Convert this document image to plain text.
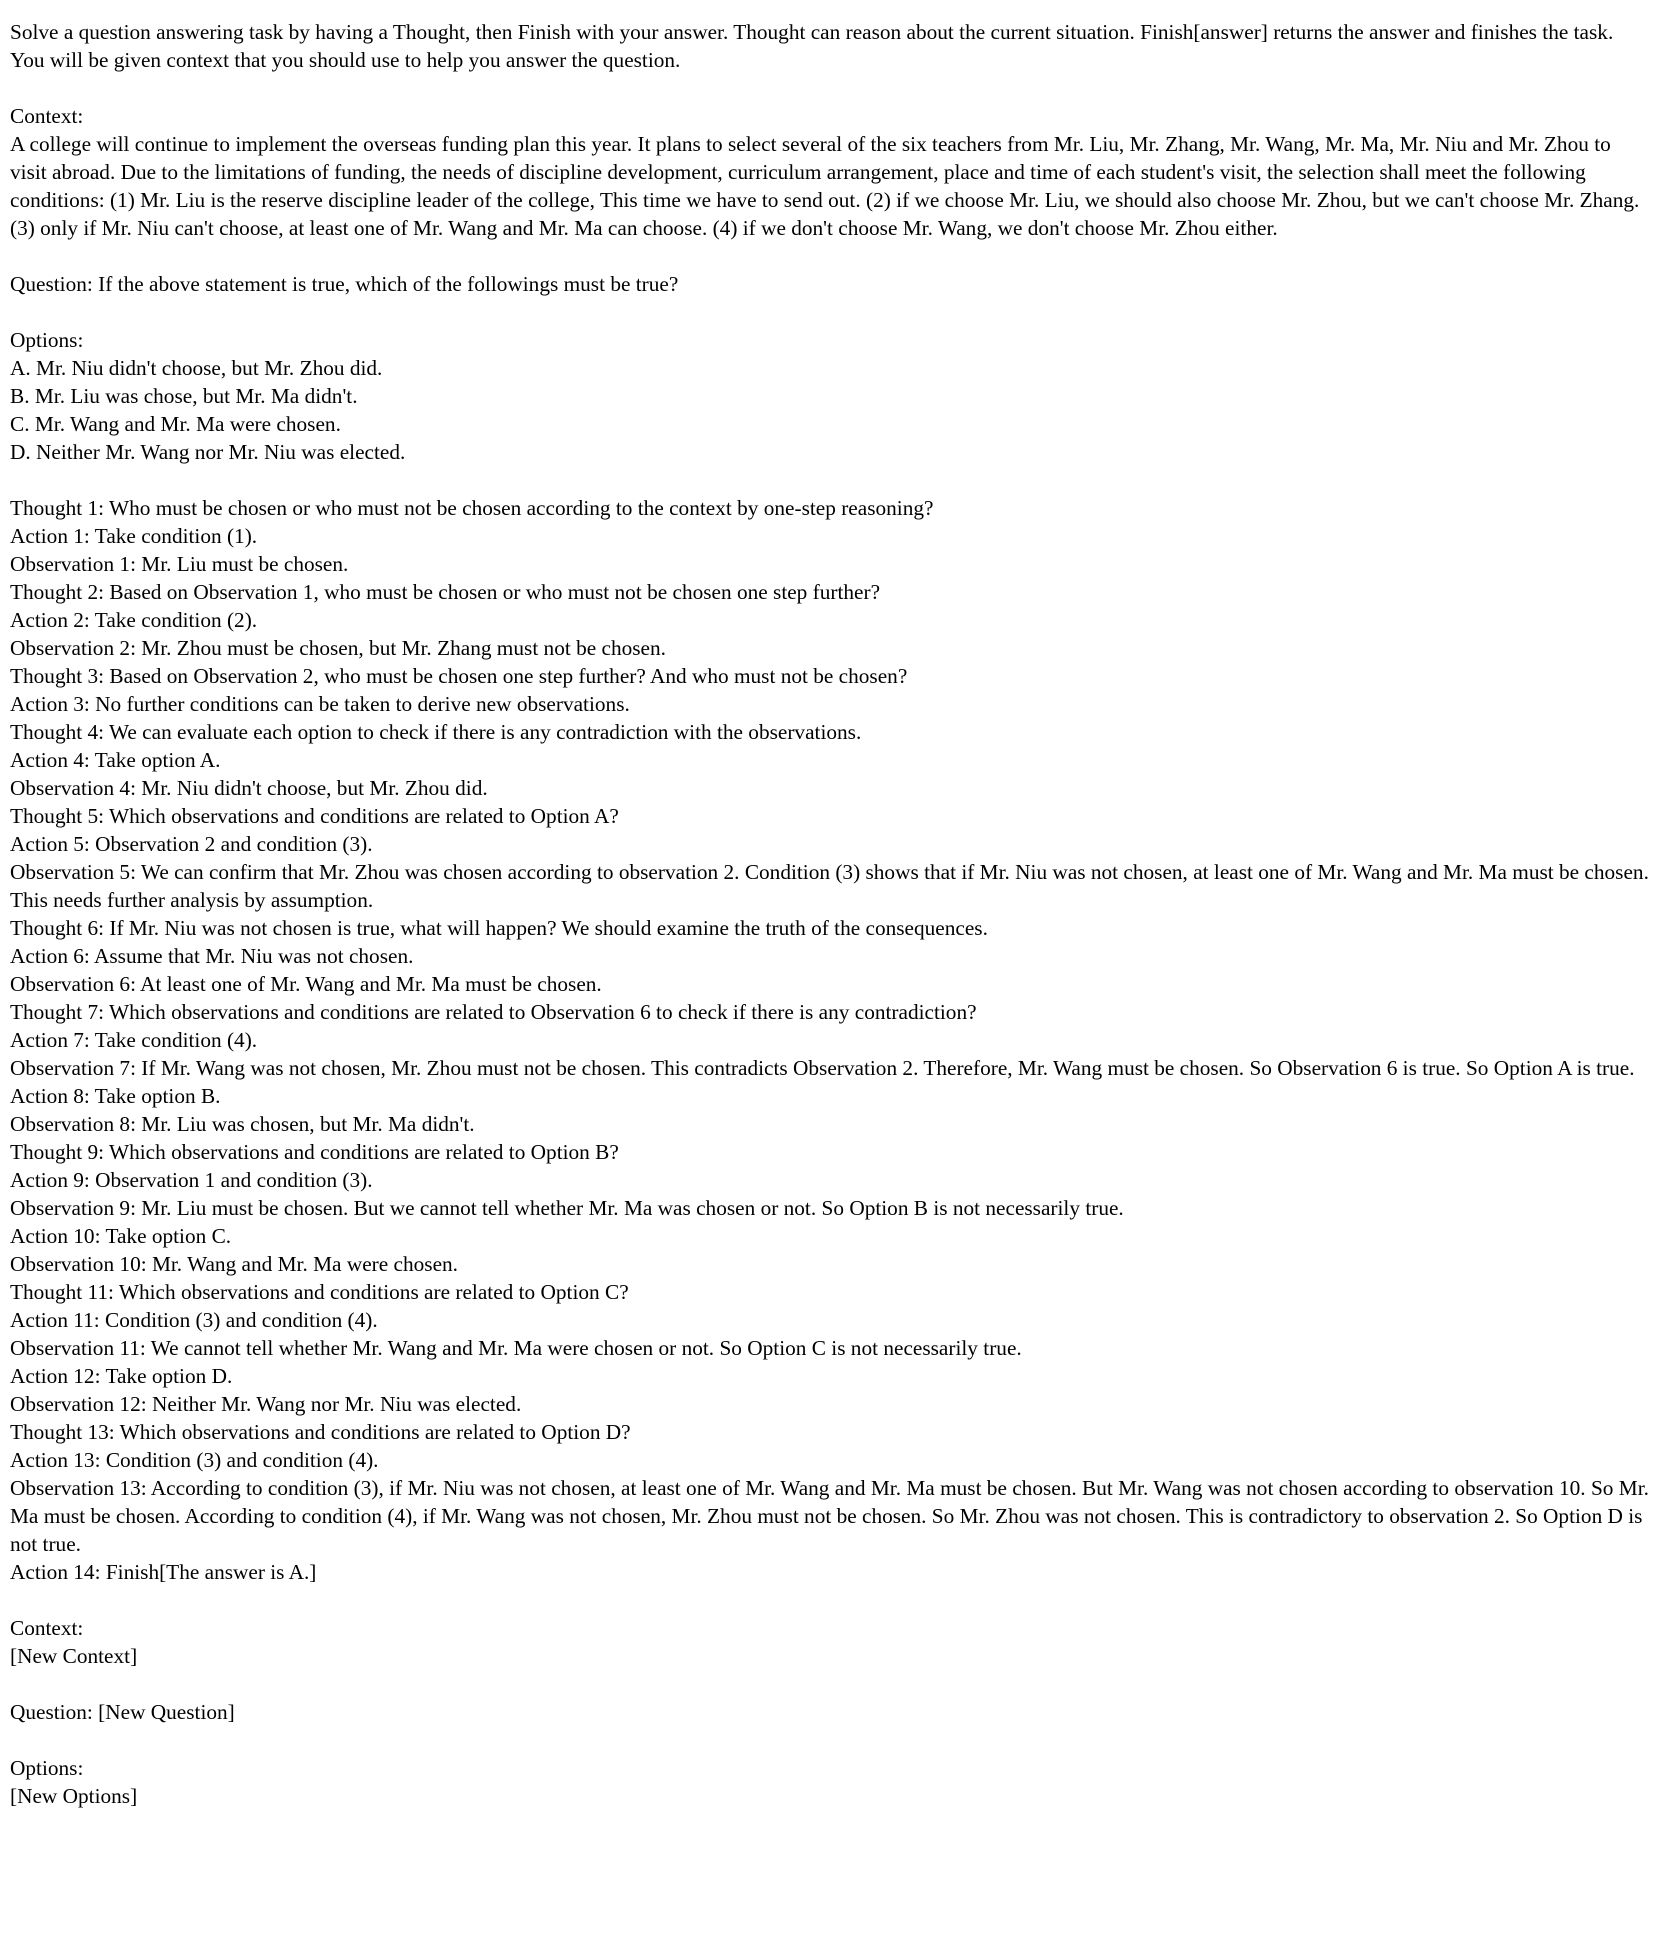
Solve a question answering task by having a Thought, then Finish with your answer. Thought can reason about the current situation. Finish[answer] returns the answer and finishes the task. You will be given context that you should use to help you answer the question.

Context:

A college will continue to implement the overseas funding plan this year. It plans to select several of the six teachers from Mr. Liu, Mr. Zhang, Mr. Wang, Mr. Ma, Mr. Niu and Mr. Zhou to visit abroad. Due to the limitations of funding, the needs of discipline development, curriculum arrangement, place and time of each student's visit, the selection shall meet the following conditions: (1) Mr. Liu is the reserve discipline leader of the college, This time we have to send out. (2) if we choose Mr. Liu, we should also choose Mr. Zhou, but we can't choose Mr. Zhang. (3) only if Mr. Niu can't choose, at least one of Mr. Wang and Mr. Ma can choose. (4) if we don't choose Mr. Wang, we don't choose Mr. Zhou either.

Question: If the above statement is true, which of the followings must be true?

Options:

A. Mr. Niu didn't choose, but Mr. Zhou did.

B. Mr. Liu was chose, but Mr. Ma didn't.

C. Mr. Wang and Mr. Ma were chosen.

D. Neither Mr. Wang nor Mr. Niu was elected.

Thought 1: Who must be chosen or who must not be chosen according to the context by one-step reasoning?

Action 1: Take condition (1).

Observation 1: Mr. Liu must be chosen.

Thought 2: Based on Observation 1, who must be chosen or who must not be chosen one step further?

Action 2: Take condition (2).

Observation 2: Mr. Zhou must be chosen, but Mr. Zhang must not be chosen.

Thought 3: Based on Observation 2, who must be chosen one step further? And who must not be chosen?

Action 3: No further conditions can be taken to derive new observations.

Thought 4: We can evaluate each option to check if there is any contradiction with the observations.

Action 4: Take option A.

Observation 4: Mr. Niu didn't choose, but Mr. Zhou did.

Thought 5: Which observations and conditions are related to Option A?

Action 5: Observation 2 and condition (3).

Observation 5: We can confirm that Mr. Zhou was chosen according to observation 2. Condition (3) shows that if Mr. Niu was not chosen, at least one of Mr. Wang and Mr. Ma must be chosen. This needs further analysis by assumption.

Thought 6: If Mr. Niu was not chosen is true, what will happen? We should examine the truth of the consequences.

Action 6: Assume that Mr. Niu was not chosen.

Observation 6: At least one of Mr. Wang and Mr. Ma must be chosen.

Thought 7: Which observations and conditions are related to Observation 6 to check if there is any contradiction?

Action 7: Take condition (4).

Observation 7: If Mr. Wang was not chosen, Mr. Zhou must not be chosen. This contradicts Observation 2. Therefore, Mr. Wang must be chosen. So Observation 6 is true. So Option A is true.

Action 8: Take option B.

Observation 8: Mr. Liu was chosen, but Mr. Ma didn't.

Thought 9: Which observations and conditions are related to Option B?

Action 9: Observation 1 and condition (3).

Observation 9: Mr. Liu must be chosen. But we cannot tell whether Mr. Ma was chosen or not. So Option B is not necessarily true.

Action 10: Take option C.

Observation 10: Mr. Wang and Mr. Ma were chosen.

Thought 11: Which observations and conditions are related to Option C?

Action 11: Condition (3) and condition (4).

Observation 11: We cannot tell whether Mr. Wang and Mr. Ma were chosen or not. So Option C is not necessarily true.

Action 12: Take option D.

Observation 12: Neither Mr. Wang nor Mr. Niu was elected.

Thought 13: Which observations and conditions are related to Option D?

Action 13: Condition (3) and condition (4).

Observation 13: According to condition (3), if Mr. Niu was not chosen, at least one of Mr. Wang and Mr. Ma must be chosen. But Mr. Wang was not chosen according to observation 10. So Mr. Ma must be chosen. According to condition (4), if Mr. Wang was not chosen, Mr. Zhou must not be chosen. So Mr. Zhou was not chosen. This is contradictory to observation 2. So Option D is not true.

Action 14: Finish[The answer is A.]

Context:

[New Context]

Question: [New Question]

Options:

[New Options]
